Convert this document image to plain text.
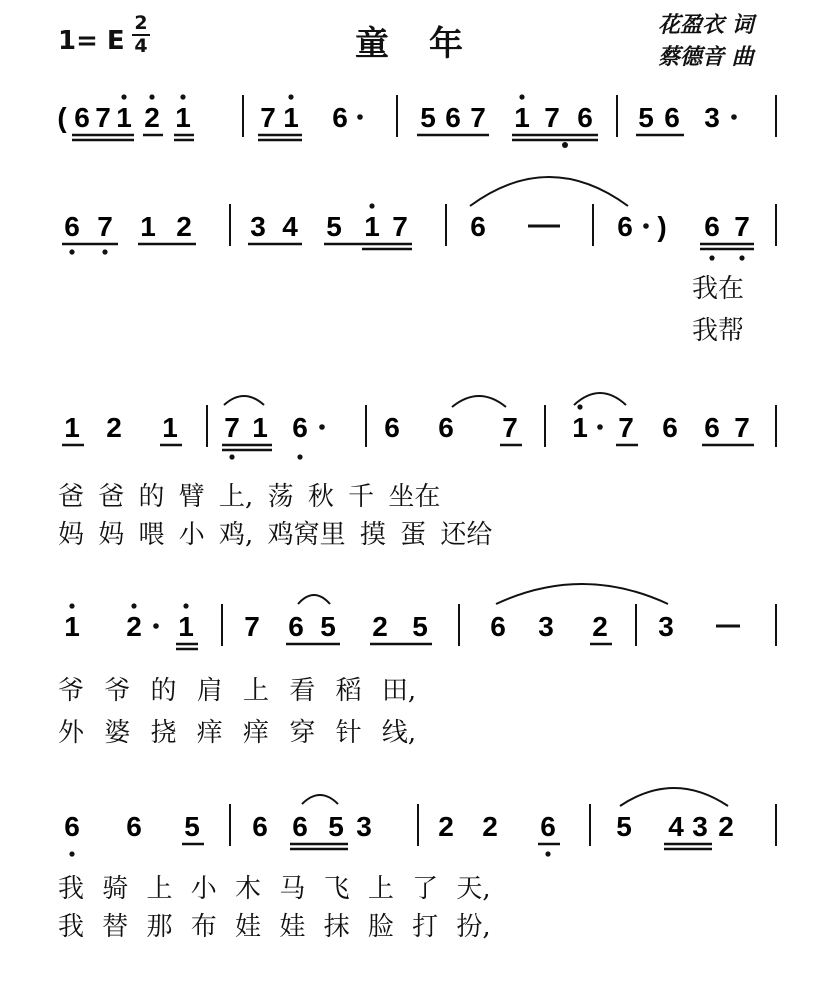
1= E
2
4	童年	花盈衣 词
蔡德音 曲
( 6 7 1 2 1 7 1 6	5 6 7 1 7 6 5 6 3
6 7 1 2 3 4 5 1 7 6	6 ) 6 7
1 2 1 7 1 6	6 6 7 1 7 6 6 7
1 2 1 7 6 5 2 5 6 3 2 3
6 6 5 6 6 5 3 2 2 6 5 4 3 2
我在
我帮
爸 爸 的 臂 上, 荡 秋 千 坐在
妈 妈 喂 小 鸡, 鸡窝里 摸 蛋 还给
爷 爷 的 肩 上 看 稻 田,
外 婆 挠 痒 痒 穿 针 线,
我 骑 上 小 木 马 飞 上 了 天,
我 替 那 布 娃 娃 抹 脸 打 扮,
